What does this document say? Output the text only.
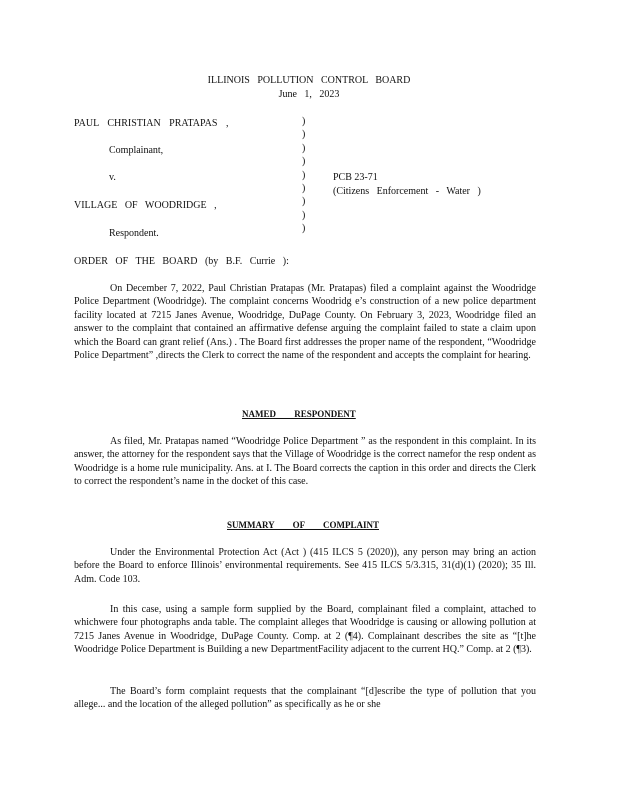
ILLINOIS POLLUTION CONTROL BOARD
June 1, 2023
PAUL CHRISTIAN PRATAPAS ,
Complainant,
v.
VILLAGE OF WOODRIDGE ,
Respondent.
)
)
)
)
)
)
)
)
)
PCB 23-71
(Citizens Enforcement - Water )
ORDER OF THE BOARD (by B.F. Currie ):
On December 7, 2022, Paul Christian Pratapas (Mr. Pratapas) filed a complaint against the Woodridge Police Department (Woodridge). The complaint concerns Woodridg e’s construction of a new police department facility located at 7215 Janes Avenue, Woodridge, DuPage County. On February 3, 2023, Woodridge filed an answer to the complaint that contained an affirmative defense arguing the complaint failed to state a claim upon which the Board can grant relief (Ans.) . The Board first addresses the proper name of the respondent, “Woodridge Police Department” ,directs the Clerk to correct the name of the respondent and accepts the complaint for hearing.
NAMED RESPONDENT
As filed, Mr. Pratapas named “Woodridge Police Department ” as the respondent in this complaint. In its answer, the attorney for the respondent says that the Village of Woodridge is the correct namefor the resp ondent as Woodridge is a home rule municipality. Ans. at I. The Board corrects the caption in this order and directs the Clerk to correct the respondent’s name in the docket of this case.
SUMMARY OF COMPLAINT
Under the Environmental Protection Act (Act ) (415 ILCS 5 (2020)), any person may bring an action before the Board to enforce Illinois’ environmental requirements. See 415 ILCS 5/3.315, 31(d)(1) (2020); 35 Ill. Adm. Code 103.
In this case, using a sample form supplied by the Board, complainant filed a complaint, attached to whichwere four photographs anda table. The complaint alleges that Woodridge is causing or allowing pollution at 7215 Janes Avenue in Woodridge, DuPage County. Comp. at 2 (¶4). Complainant describes the site as “[t]he Woodridge Police Department is Building a new DepartmentFacility adjacent to the current HQ.” Comp. at 2 (¶3).
The Board’s form complaint requests that the complainant “[d]escribe the type of pollution that you allege... and the location of the alleged pollution” as specifically as he or she
